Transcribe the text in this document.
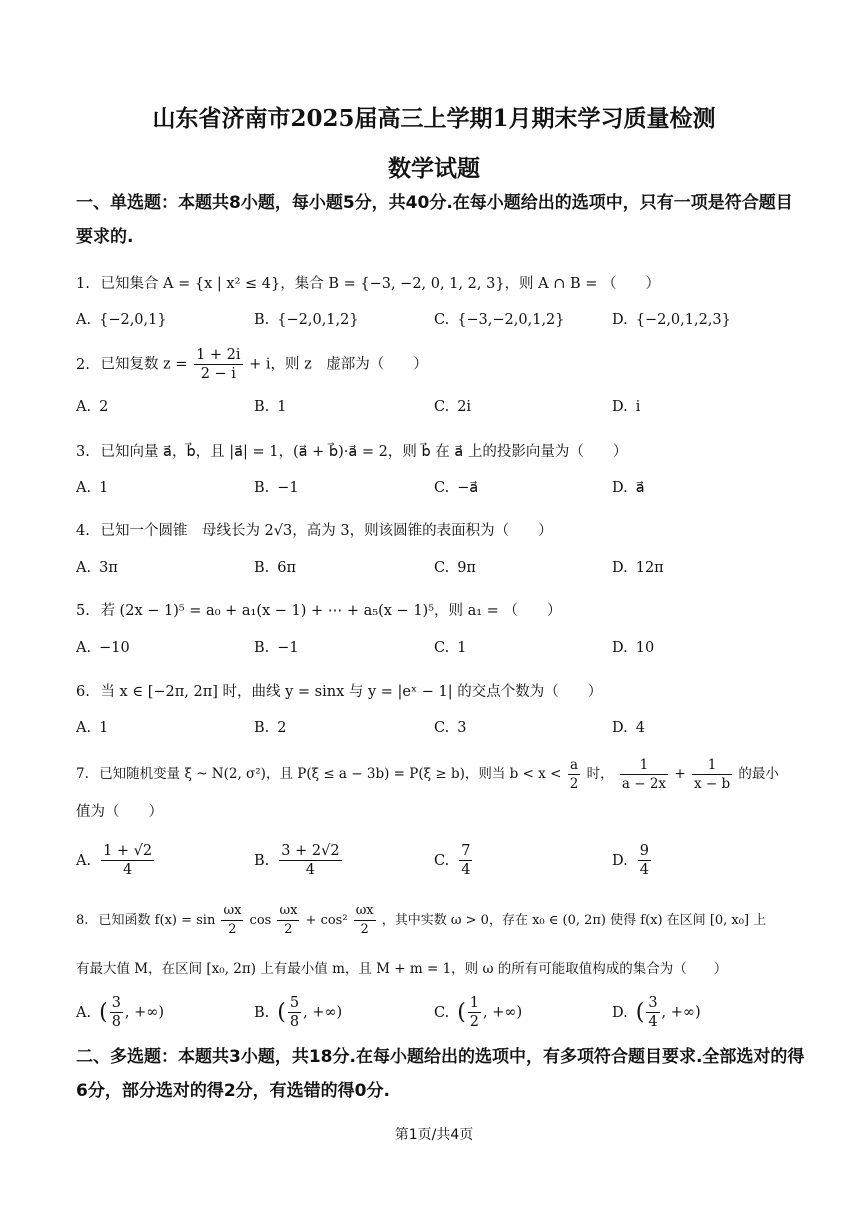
山东省济南市2025届高三上学期1月期末学习质量检测
数学试题
一、单选题：本题共8小题，每小题5分，共40分.在每小题给出的选项中，只有一项是符合题目要求的.
1. 已知集合 A = {x | x² ≤ 4}，集合 B = {−3, −2, 0, 1, 2, 3}，则 A ∩ B = （　　）
A. {−2,0,1}	B. {−2,0,1,2}	C. {−3,−2,0,1,2}	D. {−2,0,1,2,3}
2. 已知复数 $z = \frac{1 + 2i}{2 - i} + i$，则 z　虚部为（　　）
A. 2	B. 1	C. 2i	D. i
3. 已知向量 a⃗，b⃗，且 |a⃗| = 1，(a⃗ + b⃗)·a⃗ = 2，则 b⃗ 在 a⃗ 上的投影向量为（　　）
A. 1	B. −1	C. −a⃗	D. a⃗
4. 已知一个圆锥　母线长为 2√3，高为 3，则该圆锥的表面积为（　　）
A. 3π	B. 6π	C. 9π	D. 12π
5. 若 (2x − 1)⁵ = a₀ + a₁(x − 1) + ⋯ + a₅(x − 1)⁵，则 a₁ = （　　）
A. −10	B. −1	C. 1	D. 10
6. 当 x ∈ [−2π, 2π] 时，曲线 y = sinx 与 y = |eˣ − 1| 的交点个数为（　　）
A. 1	B. 2	C. 3	D. 4
7. 已知随机变量 ξ ~ N(2, σ²)，且 P(ξ ≤ a − 3b) = P(ξ ≥ b)，则当 $b < x < \frac{a}{2}$ 时， $\frac{1}{a - 2x} + \frac{1}{x - b}$ 的最小
值为（　　）
A. $\frac{1 + √2}{4}$	B. $\frac{3 + 2√2}{4}$	C. $\frac{7}{4}$	D. $\frac{9}{4}$
8. 已知函数 $f(x) = \sin \frac{\omega x}{2}$ $\cos \frac{\omega x}{2} + \cos^2 \frac{\omega x}{2}$ ，其中实数 ω > 0，存在 x₀ ∈ (0, 2π) 使得 f(x) 在区间 [0, x₀] 上
有最大值 M，在区间 [x₀, 2π) 上有最小值 m，且 M + m = 1，则 ω 的所有可能取值构成的集合为（　　）
A. ( $\frac{3}{8}$ , +∞)	B. ( $\frac{5}{8}$ , +∞)	C. ( $\frac{1}{2}$ , +∞)	D. ( $\frac{3}{4}$ , +∞)
二、多选题：本题共3小题，共18分.在每小题给出的选项中，有多项符合题目要求.全部选对的得6分，部分选对的得2分，有选错的得0分.
第1页/共4页
